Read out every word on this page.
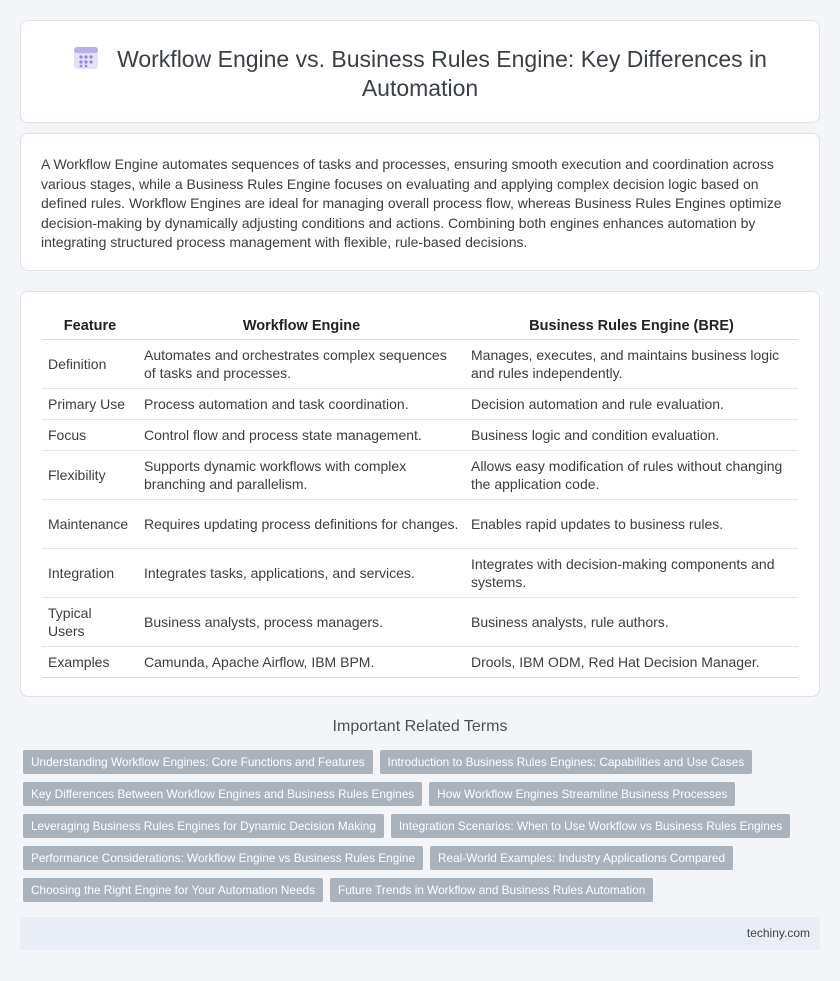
Workflow Engine vs. Business Rules Engine: Key Differences in Automation

A Workflow Engine automates sequences of tasks and processes, ensuring smooth execution and coordination across various stages, while a Business Rules Engine focuses on evaluating and applying complex decision logic based on defined rules. Workflow Engines are ideal for managing overall process flow, whereas Business Rules Engines optimize decision-making by dynamically adjusting conditions and actions. Combining both engines enhances automation by integrating structured process management with flexible, rule-based decisions.

Feature	Workflow Engine	Business Rules Engine (BRE)
Definition	Automates and orchestrates complex sequences of tasks and processes.	Manages, executes, and maintains business logic and rules independently.
Primary Use	Process automation and task coordination.	Decision automation and rule evaluation.
Focus	Control flow and process state management.	Business logic and condition evaluation.
Flexibility	Supports dynamic workflows with complex branching and parallelism.	Allows easy modification of rules without changing the application code.
Maintenance	Requires updating process definitions for changes.	Enables rapid updates to business rules.
Integration	Integrates tasks, applications, and services.	Integrates with decision-making components and systems.
Typical Users	Business analysts, process managers.	Business analysts, rule authors.
Examples	Camunda, Apache Airflow, IBM BPM.	Drools, IBM ODM, Red Hat Decision Manager.
Important Related Terms
Understanding Workflow Engines: Core Functions and Features	Introduction to Business Rules Engines: Capabilities and Use Cases
Key Differences Between Workflow Engines and Business Rules Engines	How Workflow Engines Streamline Business Processes
Leveraging Business Rules Engines for Dynamic Decision Making	Integration Scenarios: When to Use Workflow vs Business Rules Engines
Performance Considerations: Workflow Engine vs Business Rules Engine	Real-World Examples: Industry Applications Compared
Choosing the Right Engine for Your Automation Needs	Future Trends in Workflow and Business Rules Automation
techiny.com
